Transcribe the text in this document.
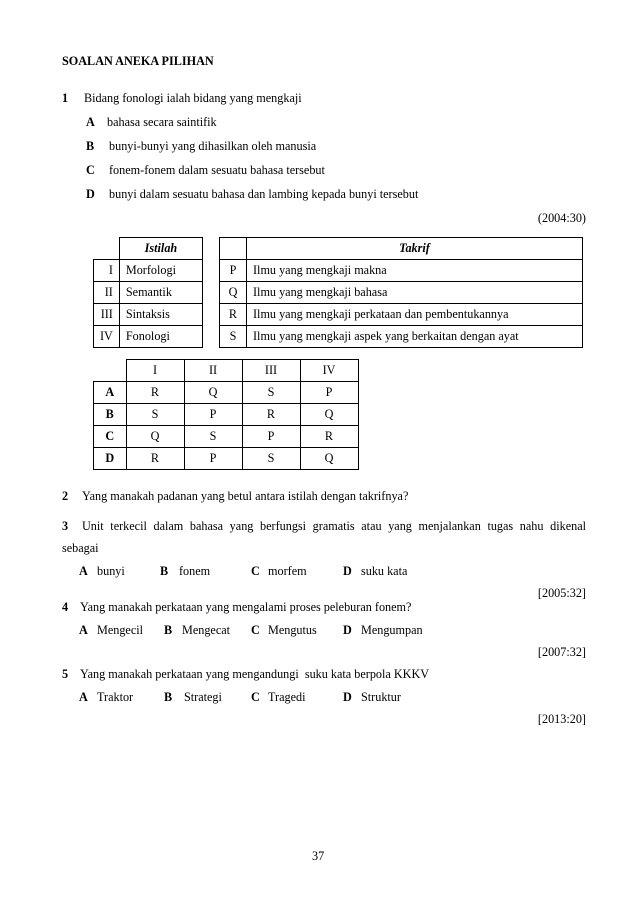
SOALAN ANEKA PILIHAN
1 Bidang fonologi ialah bidang yang mengkaji
A bahasa secara saintifik
B bunyi-bunyi yang dihasilkan oleh manusia
C fonem-fonem dalam sesuatu bahasa tersebut
D bunyi dalam sesuatu bahasa dan lambing kepada bunyi tersebut
(2004:30)
	Istilah
I	Morfologi
II	Semantik
III	Sintaksis
IV	Fonologi
	Takrif
P	Ilmu yang mengkaji makna
Q	Ilmu yang mengkaji bahasa
R	Ilmu yang mengkaji perkataan dan pembentukannya
S	Ilmu yang mengkaji aspek yang berkaitan dengan ayat
	I	II	III	IV
A	R	Q	S	P
B	S	P	R	Q
C	Q	S	P	R
D	R	P	S	Q
2 Yang manakah padanan yang betul antara istilah dengan takrifnya?
3 Unit terkecil dalam bahasa yang berfungsi gramatis atau yang menjalankan tugas nahu dikenal
sebagai
A bunyi	B fonem	C morfem	D suku kata
[2005:32]
4 Yang manakah perkataan yang mengalami proses peleburan fonem?
A Mengecil B Mengecat C Mengutus D Mengumpan
[2007:32]
5 Yang manakah perkataan yang mengandungi  suku kata berpola KKKV
A Traktor	B Strategi C Tragedi	D Struktur
[2013:20]
37
